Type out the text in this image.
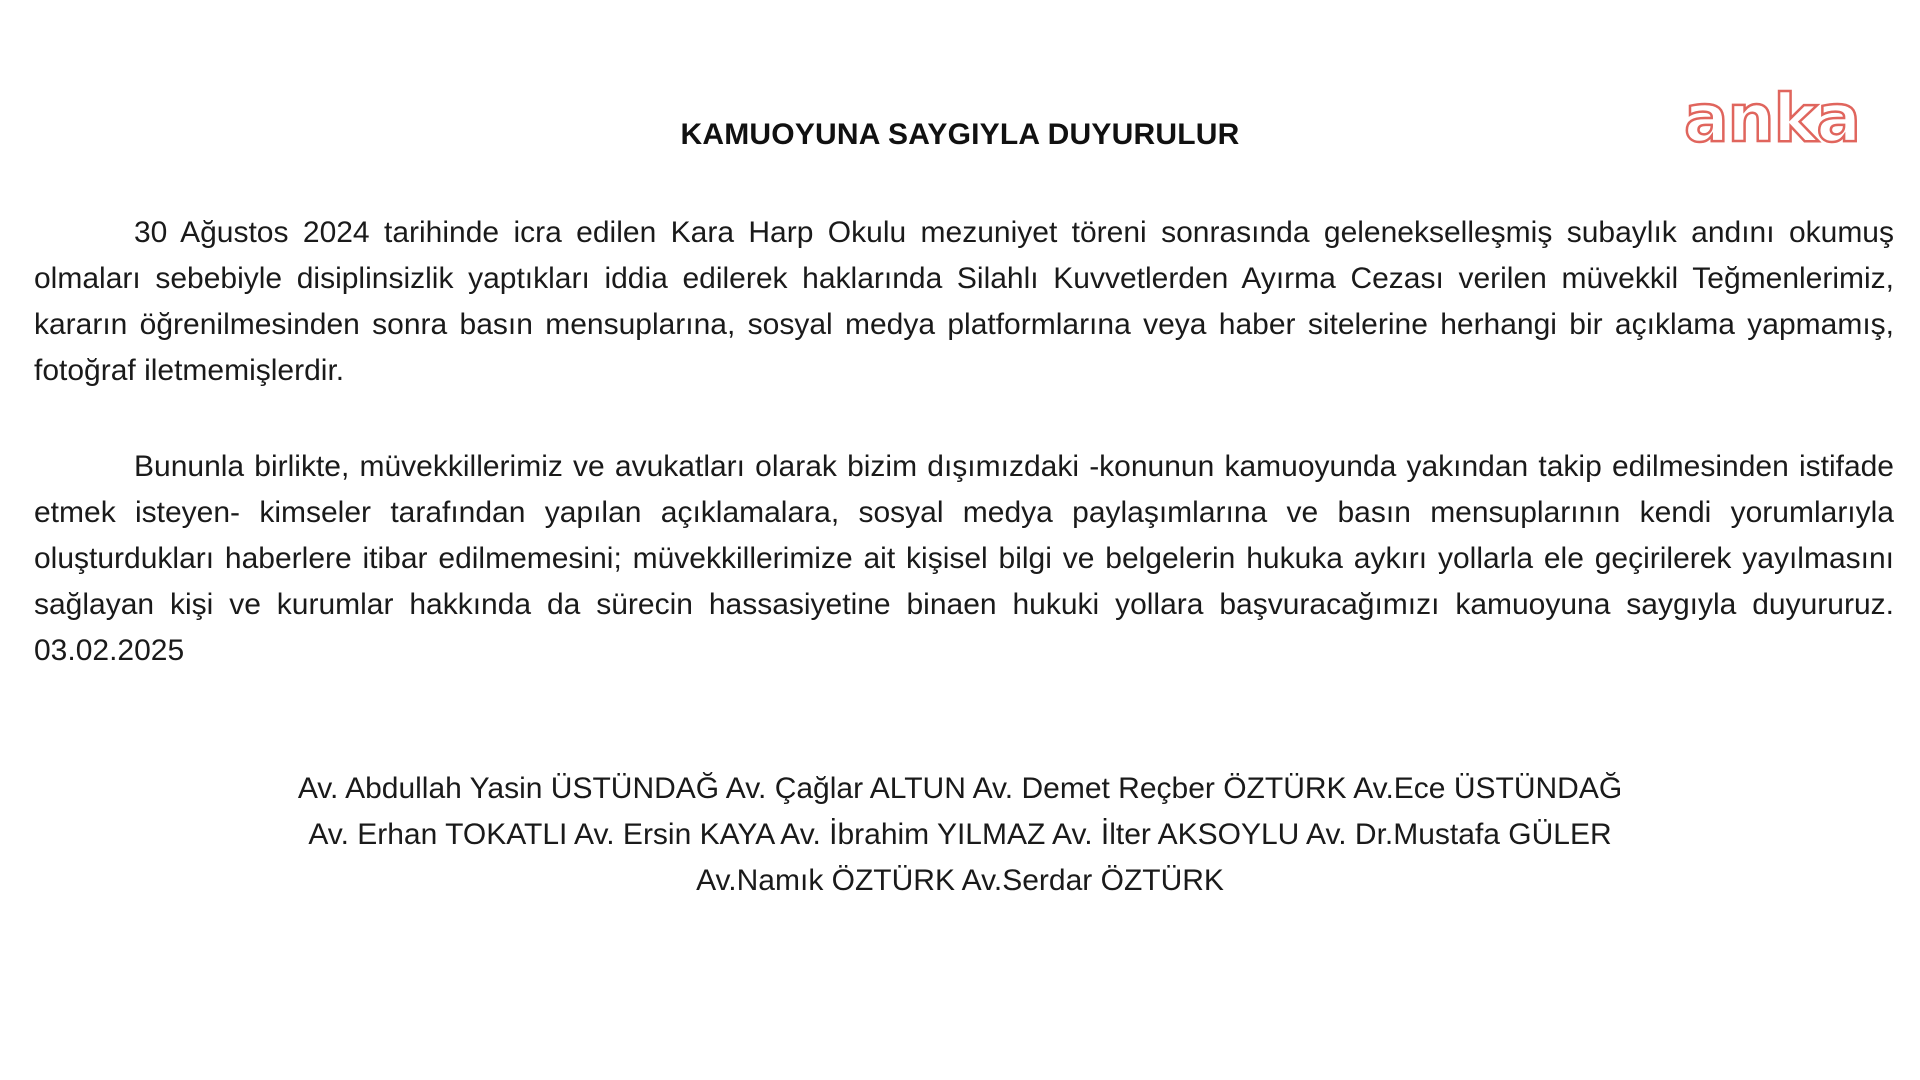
anka
KAMUOYUNA SAYGIYLA DUYURULUR

30 Ağustos 2024 tarihinde icra edilen Kara Harp Okulu mezuniyet töreni sonrasında gelenekselleşmiş subaylık andını okumuş olmaları sebebiyle disiplinsizlik yaptıkları iddia edilerek haklarında Silahlı Kuvvetlerden Ayırma Cezası verilen müvekkil Teğmenlerimiz, kararın öğrenilmesinden sonra basın mensuplarına, sosyal medya platformlarına veya haber sitelerine herhangi bir açıklama yapmamış, fotoğraf iletmemişlerdir.

Bununla birlikte, müvekkillerimiz ve avukatları olarak bizim dışımızdaki -konunun kamuoyunda yakından takip edilmesinden istifade etmek isteyen- kimseler tarafından yapılan açıklamalara, sosyal medya paylaşımlarına ve basın mensuplarının kendi yorumlarıyla oluşturdukları haberlere itibar edilmemesini; müvekkillerimize ait kişisel bilgi ve belgelerin hukuka aykırı yollarla ele geçirilerek yayılmasını sağlayan kişi ve kurumlar hakkında da sürecin hassasiyetine binaen hukuki yollara başvuracağımızı kamuoyuna saygıyla duyururuz. 03.02.2025

Av. Abdullah Yasin ÜSTÜNDAĞ Av. Çağlar ALTUN Av. Demet Reçber ÖZTÜRK Av.Ece ÜSTÜNDAĞ
Av. Erhan TOKATLI Av. Ersin KAYA Av. İbrahim YILMAZ Av. İlter AKSOYLU Av. Dr.Mustafa GÜLER
Av.Namık ÖZTÜRK Av.Serdar ÖZTÜRK
